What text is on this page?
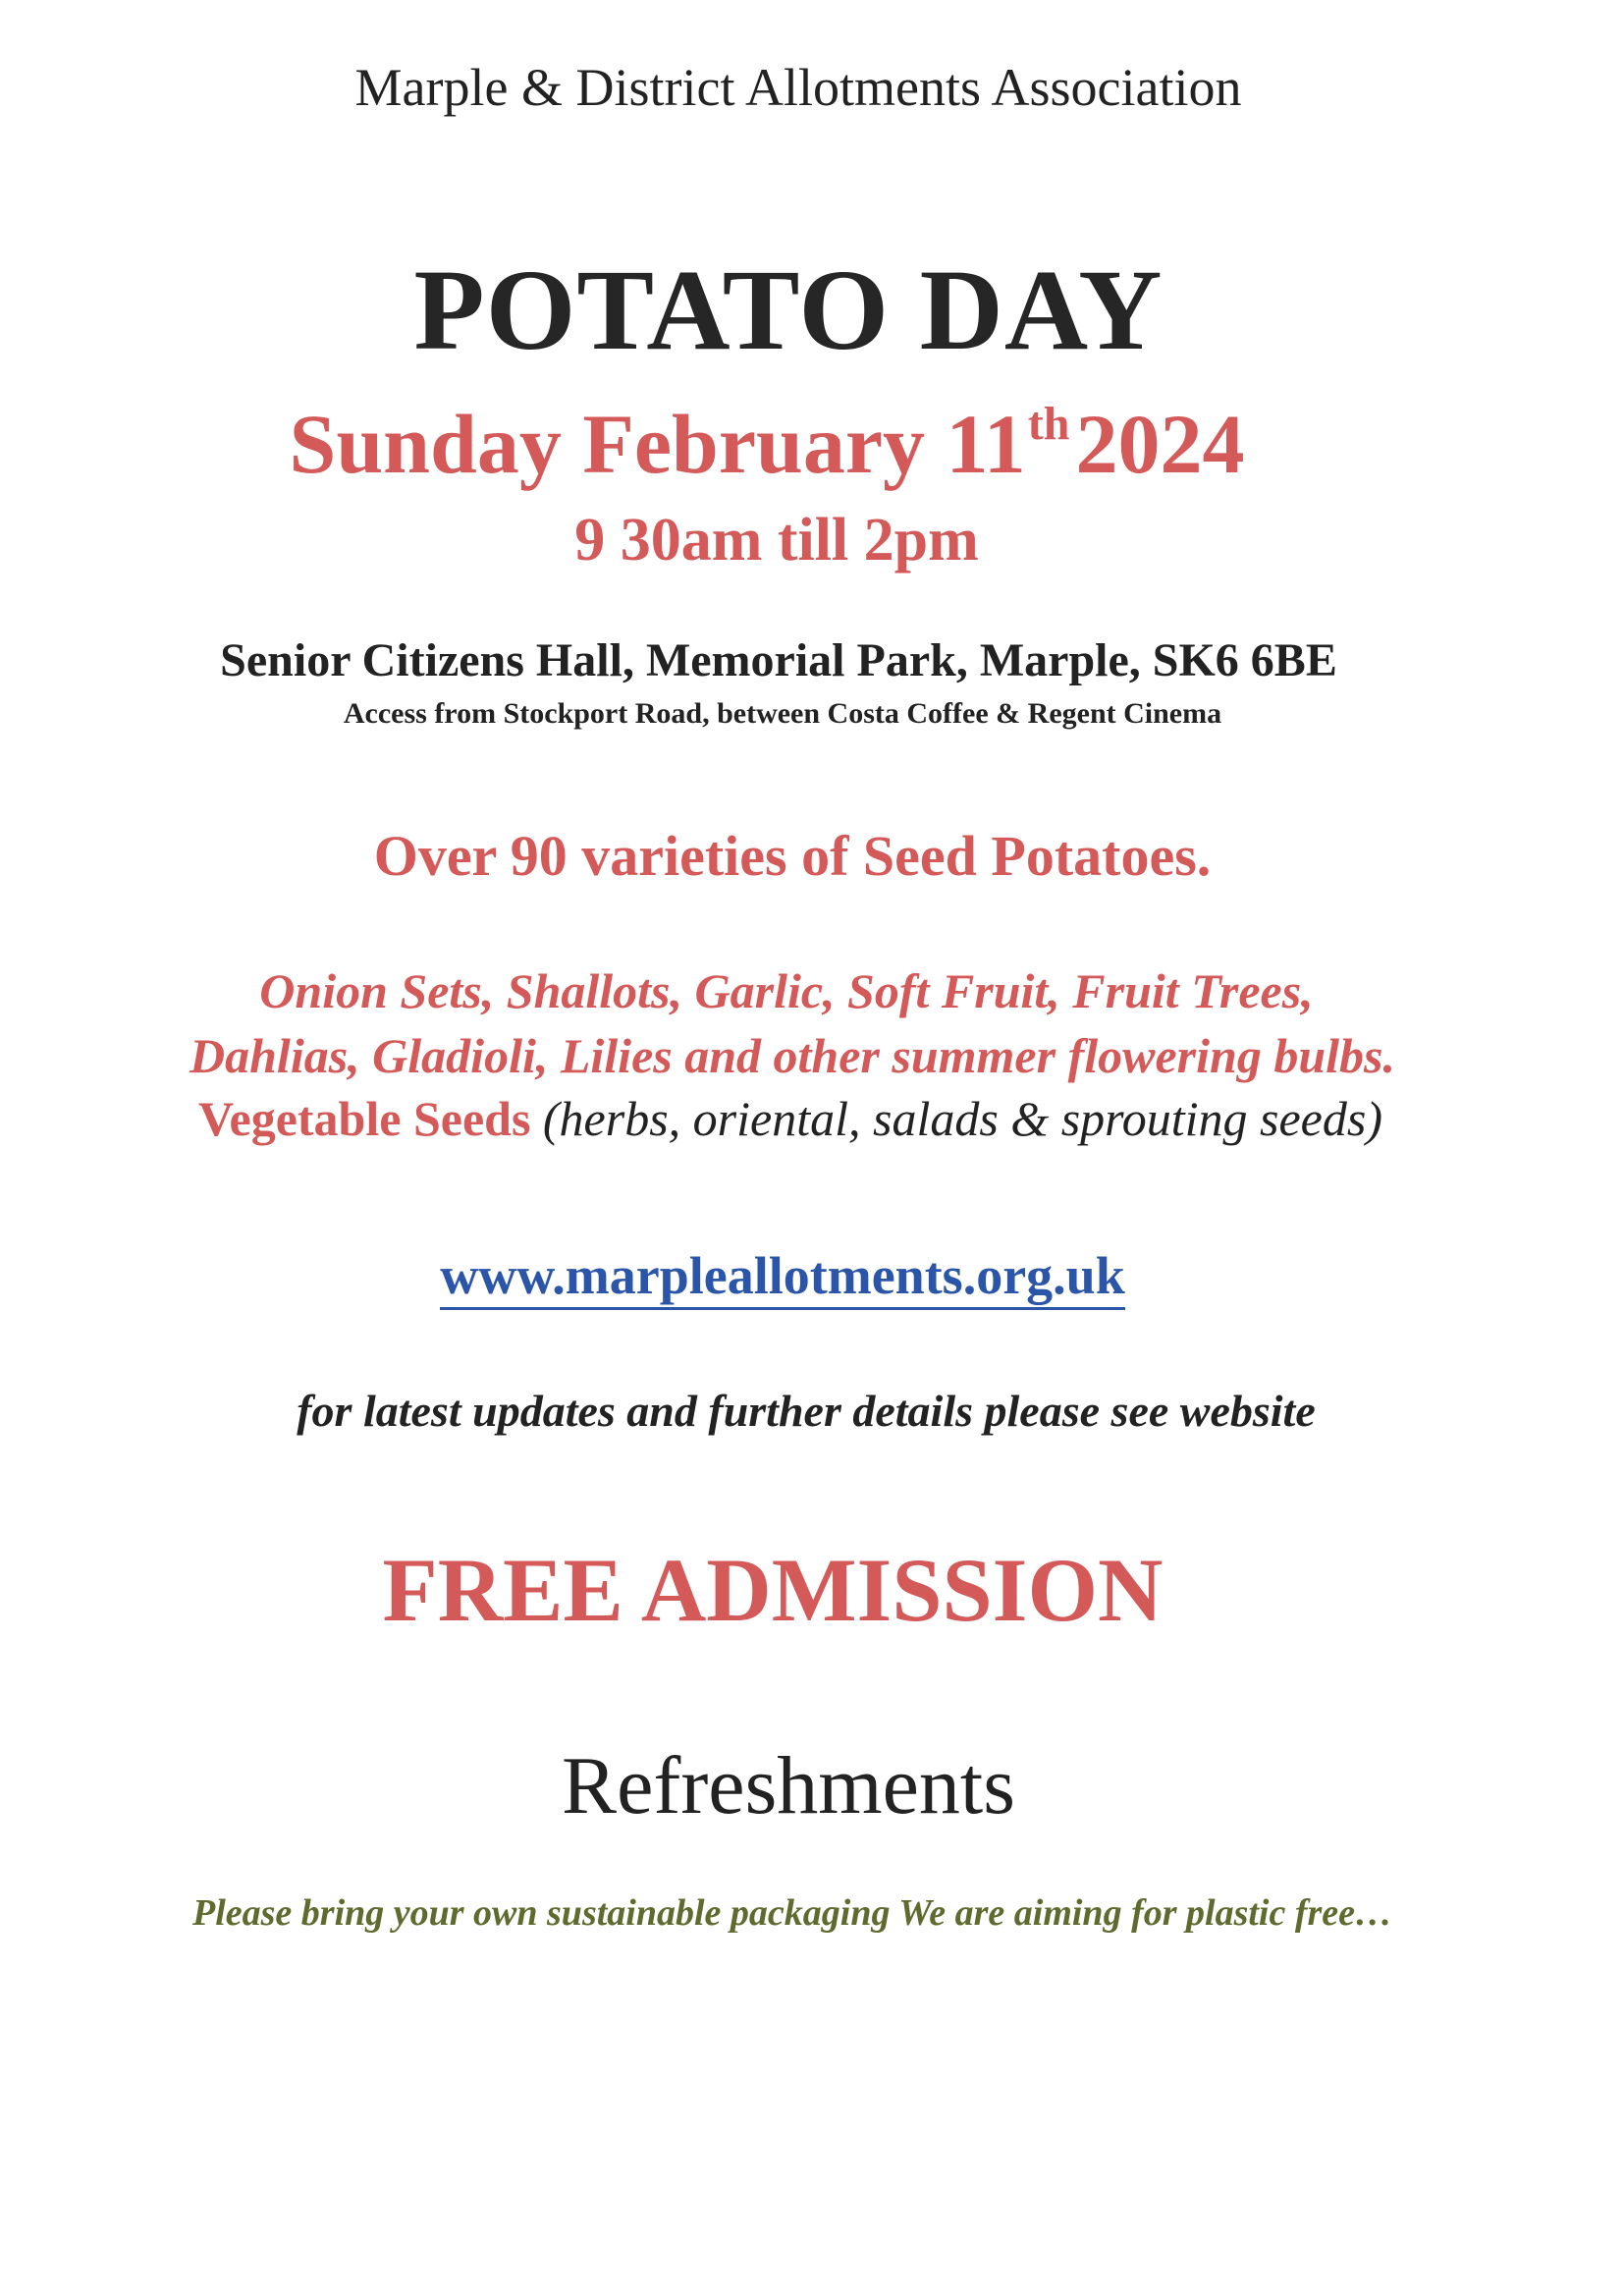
Marple & District Allotments Association
POTATO DAY
Sunday February 11th2024
9 30am till 2pm
Senior Citizens Hall, Memorial Park, Marple, SK6 6BE
Access from Stockport Road, between Costa Coffee & Regent Cinema
Over 90 varieties of Seed Potatoes.
Onion Sets, Shallots, Garlic, Soft Fruit, Fruit Trees,
Dahlias, Gladioli, Lilies and other summer flowering bulbs.
Vegetable Seeds (herbs, oriental, salads & sprouting seeds)
www.marpleallotments.org.uk
for latest updates and further details please see website
FREE ADMISSION
Refreshments
Please bring your own sustainable packaging We are aiming for plastic free…
